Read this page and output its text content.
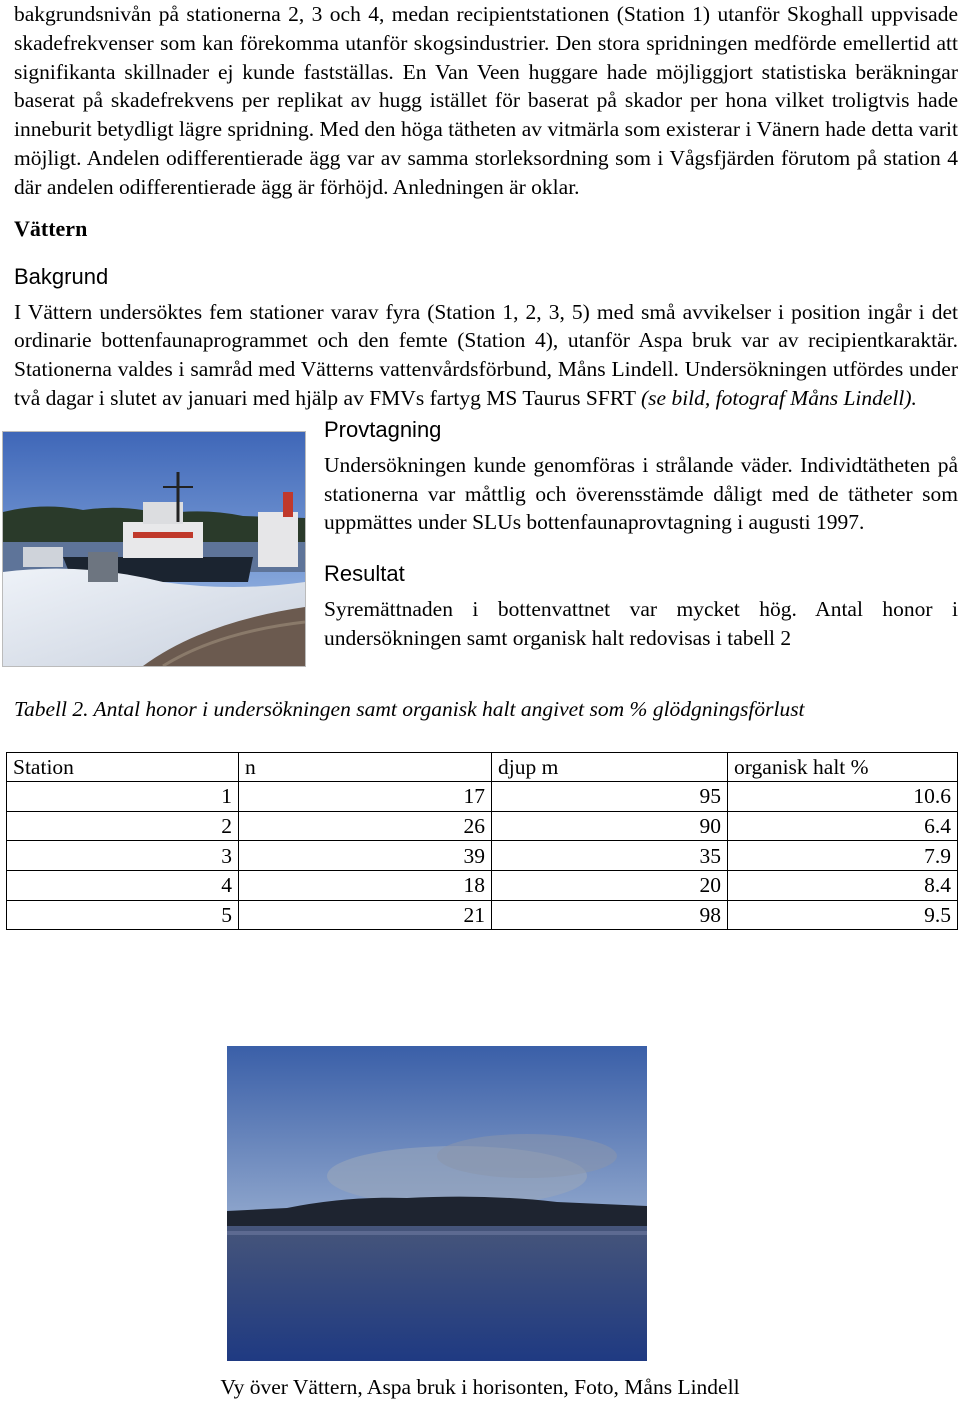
bakgrundsnivån på stationerna 2, 3 och 4, medan recipientstationen (Station 1) utanför Skoghall uppvisade skadefrekvenser som kan förekomma utanför skogsindustrier. Den stora spridningen medförde emellertid att signifikanta skillnader ej kunde fastställas. En Van Veen huggare hade möjliggjort statistiska beräkningar baserat på skadefrekvens per replikat av hugg istället för baserat på skador per hona vilket troligtvis hade inneburit betydligt lägre spridning. Med den höga tätheten av vitmärla som existerar i Vänern hade detta varit möjligt. Andelen odifferentierade ägg var av samma storleksordning som i Vågsfjärden förutom på station 4 där andelen odifferentierade ägg är förhöjd. Anledningen är oklar.

Vättern
Bakgrund

I Vättern undersöktes fem stationer varav fyra (Station 1, 2, 3, 5) med små avvikelser i position ingår i det ordinarie bottenfaunaprogrammet och den femte (Station 4), utanför Aspa bruk var av recipientkaraktär. Stationerna valdes i samråd med Vätterns vattenvårdsförbund, Måns Lindell. Undersökningen utfördes under två dagar i slutet av januari med hjälp av FMVs fartyg MS Taurus SFRT (se bild, fotograf Måns Lindell).

Provtagning

Undersökningen kunde genomföras i strålande väder. Individtätheten på stationerna var måttlig och överensstämde dåligt med de tätheter som uppmättes under SLUs bottenfaunaprovtagning i augusti 1997.

Resultat

Syremättnaden i bottenvattnet var mycket hög. Antal honor i undersökningen samt organisk halt redovisas i tabell 2

Tabell 2. Antal honor i undersökningen samt organisk halt angivet som % glödgningsförlust

Station	n	djup m	organisk halt %
1	17	95	10.6
2	26	90	6.4
3	39	35	7.9
4	18	20	8.4
5	21	98	9.5
Vy över Vättern, Aspa bruk i horisonten, Foto, Måns Lindell
